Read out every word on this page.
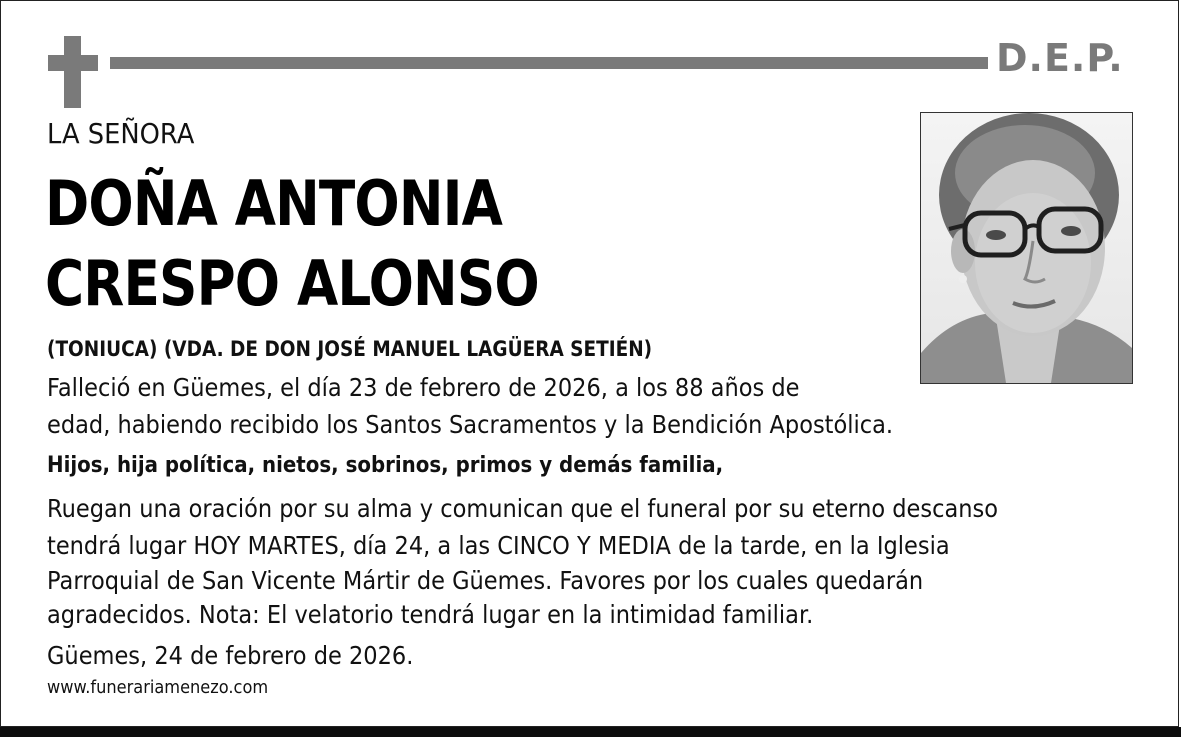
D.E.P.
LA SEÑORA
DOÑA ANTONIA
CRESPO ALONSO
(TONIUCA) (VDA. DE DON JOSÉ MANUEL LAGÜERA SETIÉN)
Falleció en Güemes, el día 23 de febrero de 2026, a los 88 años de
edad, habiendo recibido los Santos Sacramentos y la Bendición Apostólica.
Hijos, hija política, nietos, sobrinos, primos y demás familia,
Ruegan una oración por su alma y comunican que el funeral por su eterno descanso
tendrá lugar HOY MARTES, día 24, a las CINCO Y MEDIA de la tarde, en la Iglesia
Parroquial de San Vicente Mártir de Güemes. Favores por los cuales quedarán
agradecidos. Nota: El velatorio tendrá lugar en la intimidad familiar.
Güemes, 24 de febrero de 2026.
www.funerariamenezo.com
